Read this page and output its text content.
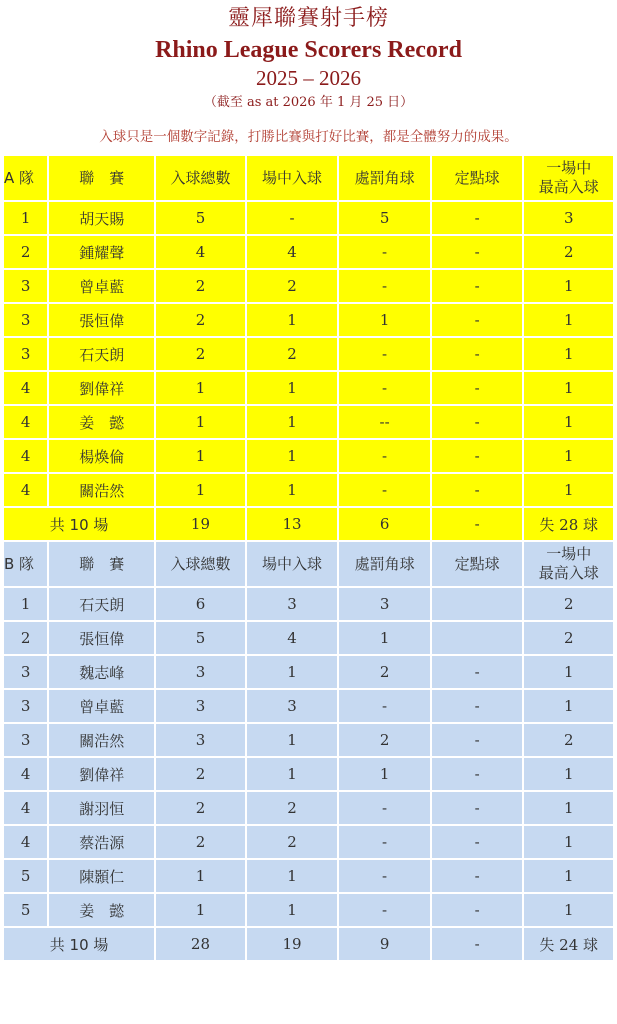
靈犀聯賽射手榜
Rhino League Scorers Record
2025 – 2026
（截至 as at 2026 年 1 月 25 日）
入球只是一個數字記錄，打勝比賽與打好比賽，都是全體努力的成果。
A 隊	聯　賽	入球總數	場中入球	處罰角球	定點球	一場中
最高入球
1	胡天賜	5	-	5	-	3
2	鍾耀聲	4	4	-	-	2
3	曾卓藍	2	2	-	-	1
3	張恒偉	2	1	1	-	1
3	石天朗	2	2	-	-	1
4	劉偉祥	1	1	-	-	1
4	姜　懿	1	1	--	-	1
4	楊煥倫	1	1	-	-	1
4	關浩然	1	1	-	-	1
共 10 場		19	13	6	-	失 28 球
B 隊	聯　賽	入球總數	場中入球	處罰角球	定點球	一場中
最高入球
1	石天朗	6	3	3		2
2	張恒偉	5	4	1		2
3	魏志峰	3	1	2	-	1
3	曾卓藍	3	3	-	-	1
3	關浩然	3	1	2	-	2
4	劉偉祥	2	1	1	-	1
4	謝羽恒	2	2	-	-	1
4	蔡浩源	2	2	-	-	1
5	陳顥仁	1	1	-	-	1
5	姜　懿	1	1	-	-	1
共 10 場		28	19	9	-	失 24 球
